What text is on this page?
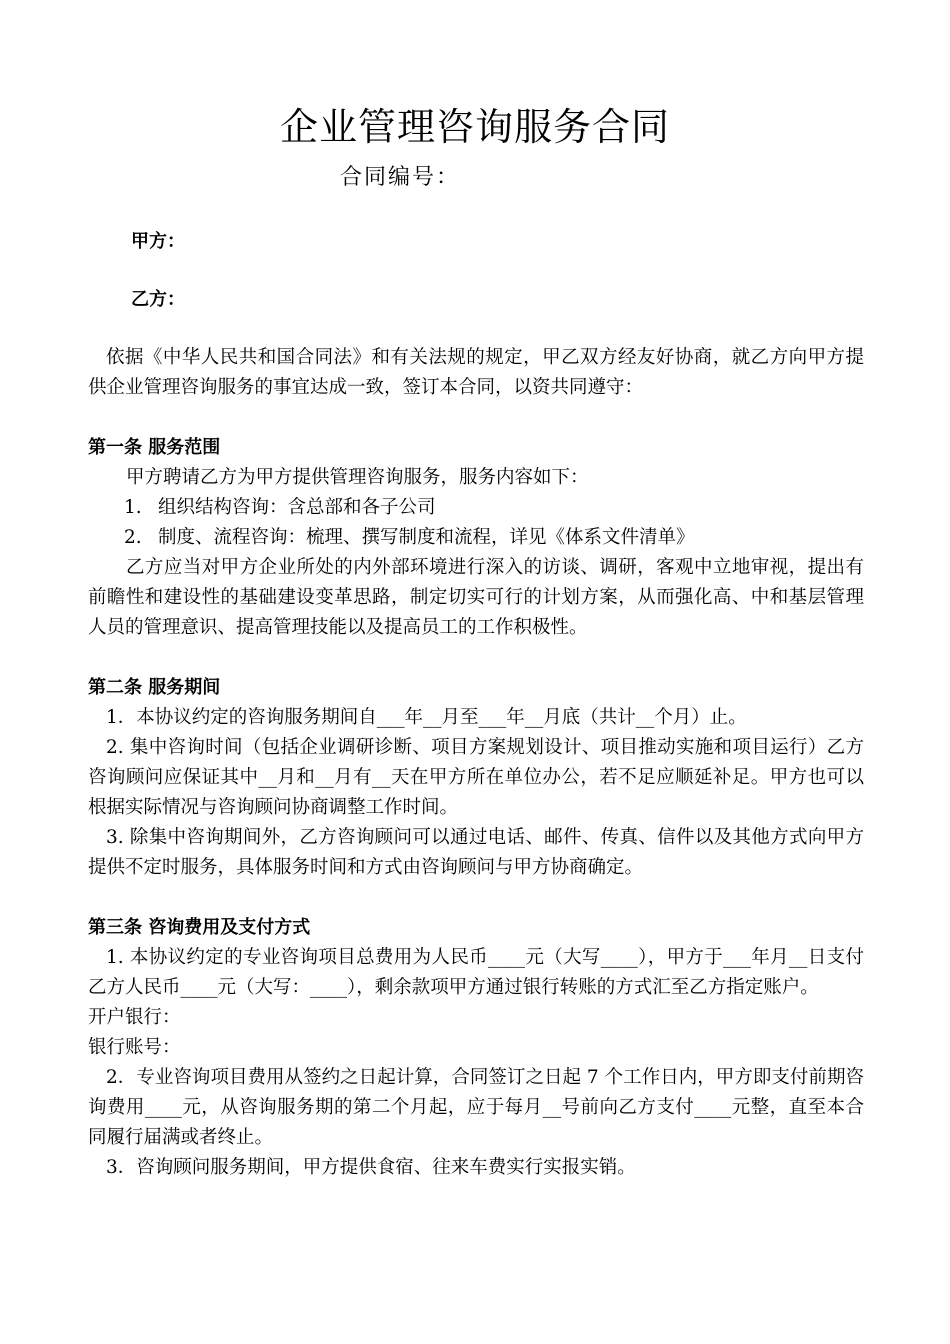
企业管理咨询服务合同
合同编号：
甲方：
乙方：

依据《中华人民共和国合同法》和有关法规的规定，甲乙双方经友好协商，就乙方向甲方提供企业管理咨询服务的事宜达成一致，签订本合同，以资共同遵守：

第一条 服务范围

甲方聘请乙方为甲方提供管理咨询服务，服务内容如下：

1. 组织结构咨询：含总部和各子公司

2. 制度、流程咨询：梳理、撰写制度和流程，详见《体系文件清单》

乙方应当对甲方企业所处的内外部环境进行深入的访谈、调研，客观中立地审视，提出有前瞻性和建设性的基础建设变革思路，制定切实可行的计划方案，从而强化高、中和基层管理人员的管理意识、提高管理技能以及提高员工的工作积极性。

第二条 服务期间

1．本协议约定的咨询服务期间自___年__月至___年__月底（共计__个月）止。

2. 集中咨询时间（包括企业调研诊断、项目方案规划设计、项目推动实施和项目运行）乙方咨询顾问应保证其中__月和__月有__天在甲方所在单位办公，若不足应顺延补足。甲方也可以根据实际情况与咨询顾问协商调整工作时间。

3. 除集中咨询期间外，乙方咨询顾问可以通过电话、邮件、传真、信件以及其他方式向甲方提供不定时服务，具体服务时间和方式由咨询顾问与甲方协商确定。

第三条 咨询费用及支付方式

1. 本协议约定的专业咨询项目总费用为人民币____元（大写____），甲方于___年月__日支付乙方人民币____元（大写：____），剩余款项甲方通过银行转账的方式汇至乙方指定账户。

开户银行：

银行账号：

2．专业咨询项目费用从签约之日起计算，合同签订之日起 7 个工作日内，甲方即支付前期咨询费用____元，从咨询服务期的第二个月起，应于每月__号前向乙方支付____元整，直至本合同履行届满或者终止。

3．咨询顾问服务期间，甲方提供食宿、往来车费实行实报实销。
